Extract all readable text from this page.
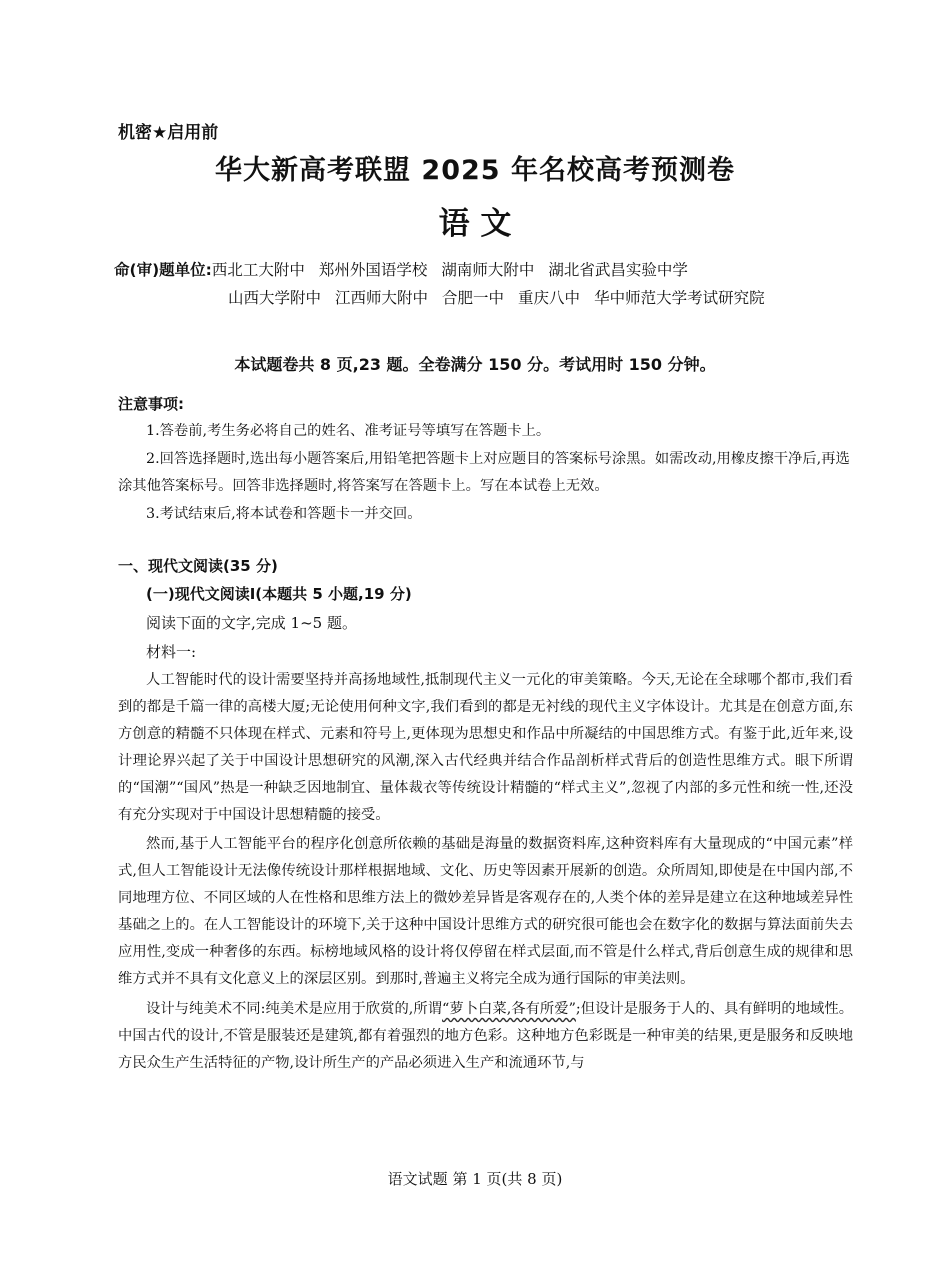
机密★启用前
华大新高考联盟 2025 年名校高考预测卷
语 文
命(审)题单位:西北工大附中 郑州外国语学校 湖南师大附中 湖北省武昌实验中学
山西大学附中 江西师大附中 合肥一中 重庆八中 华中师范大学考试研究院
本试题卷共 8 页,23 题。全卷满分 150 分。考试用时 150 分钟。
注意事项:

1.答卷前,考生务必将自己的姓名、准考证号等填写在答题卡上。

2.回答选择题时,选出每小题答案后,用铅笔把答题卡上对应题目的答案标号涂黑。如需改动,用橡皮擦干净后,再选涂其他答案标号。回答非选择题时,将答案写在答题卡上。写在本试卷上无效。

3.考试结束后,将本试卷和答题卡一并交回。

一、现代文阅读(35 分)
(一)现代文阅读Ⅰ(本题共 5 小题,19 分)
阅读下面的文字,完成 1~5 题。
材料一:

人工智能时代的设计需要坚持并高扬地域性,抵制现代主义一元化的审美策略。今天,无论在全球哪个都市,我们看到的都是千篇一律的高楼大厦;无论使用何种文字,我们看到的都是无衬线的现代主义字体设计。尤其是在创意方面,东方创意的精髓不只体现在样式、元素和符号上,更体现为思想史和作品中所凝结的中国思维方式。有鉴于此,近年来,设计理论界兴起了关于中国设计思想研究的风潮,深入古代经典并结合作品剖析样式背后的创造性思维方式。眼下所谓的“国潮”“国风”热是一种缺乏因地制宜、量体裁衣等传统设计精髓的“样式主义”,忽视了内部的多元性和统一性,还没有充分实现对于中国设计思想精髓的接受。

然而,基于人工智能平台的程序化创意所依赖的基础是海量的数据资料库,这种资料库有大量现成的“中国元素”样式,但人工智能设计无法像传统设计那样根据地域、文化、历史等因素开展新的创造。众所周知,即使是在中国内部,不同地理方位、不同区域的人在性格和思维方法上的微妙差异皆是客观存在的,人类个体的差异是建立在这种地域差异性基础之上的。在人工智能设计的环境下,关于这种中国设计思维方式的研究很可能也会在数字化的数据与算法面前失去应用性,变成一种奢侈的东西。标榜地域风格的设计将仅停留在样式层面,而不管是什么样式,背后创意生成的规律和思维方式并不具有文化意义上的深层区别。到那时,普遍主义将完全成为通行国际的审美法则。

设计与纯美术不同:纯美术是应用于欣赏的,所谓“萝卜白菜,各有所爱”;但设计是服务于人的、具有鲜明的地域性。中国古代的设计,不管是服装还是建筑,都有着强烈的地方色彩。这种地方色彩既是一种审美的结果,更是服务和反映地方民众生产生活特征的产物,设计所生产的产品必须进入生产和流通环节,与

语文试题 第 1 页(共 8 页)
